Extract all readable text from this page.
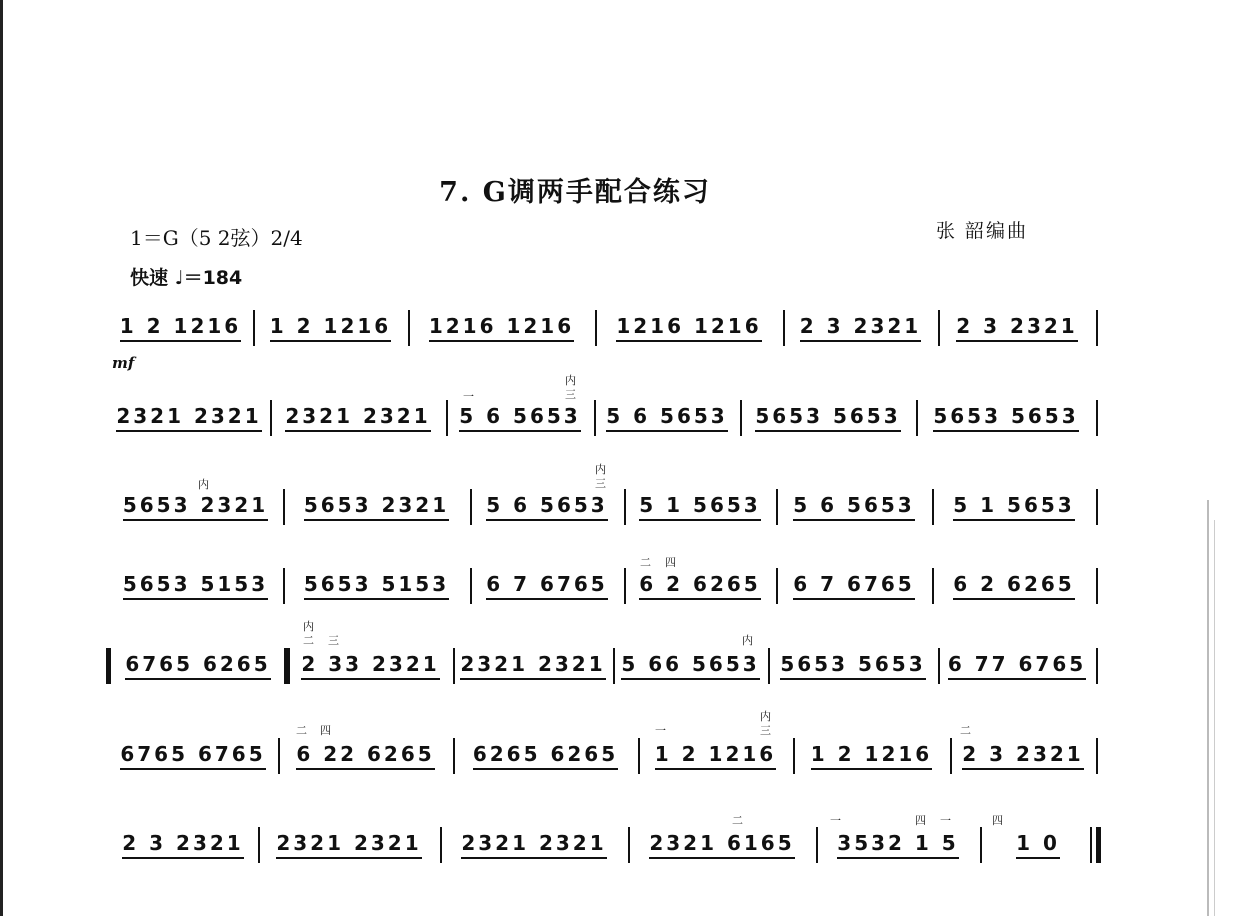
7. G调两手配合练习
1＝G（5 2弦）2/4	张 韶编曲
快速 ♩＝184
mf
1 2 1216 1 2 1216 1216 1216 1216 1216 2 3 2321 2 3 2321
2321 2321 2321 2321 5 6 5653 5 6 5653 5653 5653 5653 5653
5653 2321 5653 2321 5 6 5653 5 1 5653 5 6 5653 5 1 5653
5653 5153 5653 5153 6 7 6765 6 2 6265 6 7 6765 6 2 6265
6765 6265 2 33 2321 2321 2321 5 66 5653 5653 5653 6 77 6765
6765 6765 6 22 6265 6265 6265 1 2 1216 1 2 1216 2 3 2321
2 3 2321 2321 2321 2321 2321 2321 6165 3532 1 5	1 0
一
内
三
内
内
三
二 四
内
二 三	内
二 四	一
内
三	二
二	一	四 一	四
